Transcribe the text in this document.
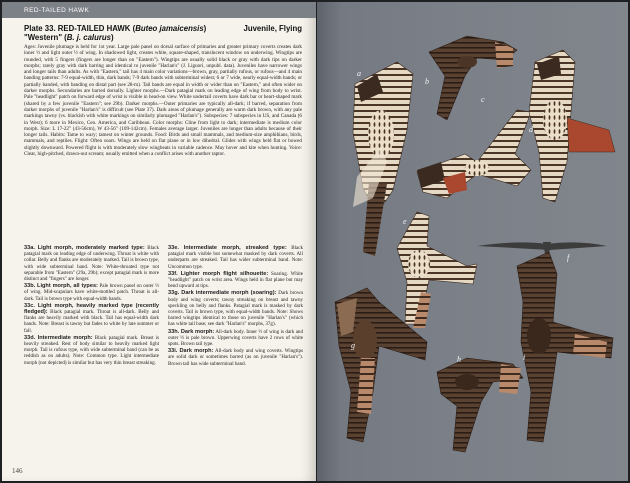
RED-TAILED HAWK
Plate 33. RED-TAILED HAWK (Buteo jamaicensis)	Juvenile, Flying
"Western" (B. j. calurus)
Ages: Juvenile plumage is held for 1st year. Large pale panel on dorsal surface of primaries and greater primary coverts creates dark inner ½ and light outer ½ of wing. In shadowed light, creates white, square-shaped, translucent window on underwing. Wingtips are rounded, with 5 fingers (fingers are longer than on "Eastern"). Wingtips are usually solid black or gray with dark tips on darker morphs; rarely gray with dark barring and identical to juvenile "Harlan's" (J. Liguori, unpubl. data). Juveniles have narrower wings and longer tails than adults. As with "Eastern," tail has 4 main color variations—brown, gray, partially rufous, or rufous—and 4 main banding patterns: 7-9 equal-width, thin, dark bands; 7-9 dark bands with subterminal widest; 6 or 7 wide, nearly equal-width bands; or partially banded, with banding on distal part (see 28-m). Tail bands are equal in width or wider than on "Eastern," and often wider on darker morphs. Secondaries are barred dorsally. Lighter morphs.—Dark patagial mark on leading edge of wing from body to wrist. Pale "headlight" patch on forward edge of wrist is visible in head-on view. White undertail coverts have dark bar or heart-shaped mark (shared by a few juvenile "Eastern"; see 29b). Darker morphs.—Outer primaries are typically all-dark; if barred, separation from darker morphs of juvenile "Harlan's" is difficult (see Plate 37). Dark areas of plumage generally are warm dark brown, with any pale markings tawny (vs. blackish with white markings on similarly plumaged "Harlan's"). Subspecies: 7 subspecies in US, and Canada (6 in West); 6 more in Mexico, Cen. America, and Caribbean. Color morphs: Cline from light to dark; intermediate is medium color morph. Size: L 17-22" (43-56cm), W 43-56" (109-142cm). Females average larger. Juveniles are longer than adults because of their longer tails. Habits: Tame to wary; tamest on winter grounds. Food: Birds and small mammals, and medium-size amphibians, birds, mammals, and reptiles. Flight: Often soars. Wings are held on flat plane or in low dihedral. Glides with wings held flat or bowed slightly downward. Powered flight is with moderately slow wingbeats in variable cadence. May hover and kite when hunting. Voice: Clear, high-pitched, drawn-out scream; usually emitted when a conflict arises with another raptor.

33a. Light morph, moderately marked type: Black patagial mark on leading edge of underwing. Throat is white with collar. Belly and flanks are moderately marked. Tail is brown type, with wide subterminal band. Note: White-throated type not separable from "Eastern" (29a, 29b); except patagial mark is more distinct and "fingers" are longer.

33b. Light morph, all types: Pale brown panel on outer ½ of wing. Mid-scapulars have white-mottled patch. Throat is all-dark. Tail is brown type with equal-width bands.

33c. Light morph, heavily marked type (recently fledged): Black patagial mark. Throat is all-dark. Belly and flanks are heavily marked with black. Tail has equal-width dark bands. Note: Breast is tawny but fades to white by late summer or fall.

33d. Intermediate morph: Black patagial mark. Breast is heavily streaked. Rest of body similar to heavily marked light morph. Tail is rufous type, with wide subterminal band (can be as reddish as on adults). Note: Common type. Light intermediate morph (not depicted) is similar but has very thin breast streaking.

33e. Intermediate morph, streaked type: Black patagial mark visible but somewhat masked by dark coverts. All underparts are streaked. Tail has wider subterminal band. Note: Uncommon type.

33f. Lighter morph flight silhouette: Soaring. White "headlight" patch on wrist area. Wings held in flat plane but may bend upward at tips.

33g. Dark intermediate morph (soaring): Dark brown body and wing coverts; tawny streaking on breast and tawny speckling on belly and flanks. Patagial mark is masked by dark coverts. Tail is brown type, with equal-width bands. Note: Shows barred wingtips identical to those on juvenile "Harlan's" (which has white tail base; see dark "Harlan's" morphs, 37g).

33h. Dark morph: All-dark body. Inner ½ of wing is dark and outer ½ is pale brown. Upperwing coverts have 2 rows of white spots. Brown tail type.

33i. Dark morph: All-dark body and wing coverts. Wingtips are solid dark or sometimes barred (as on juvenile "Harlan's"). Brown tail has wide subterminal band.

146
a
b
c
d
e
f
g
h	i
